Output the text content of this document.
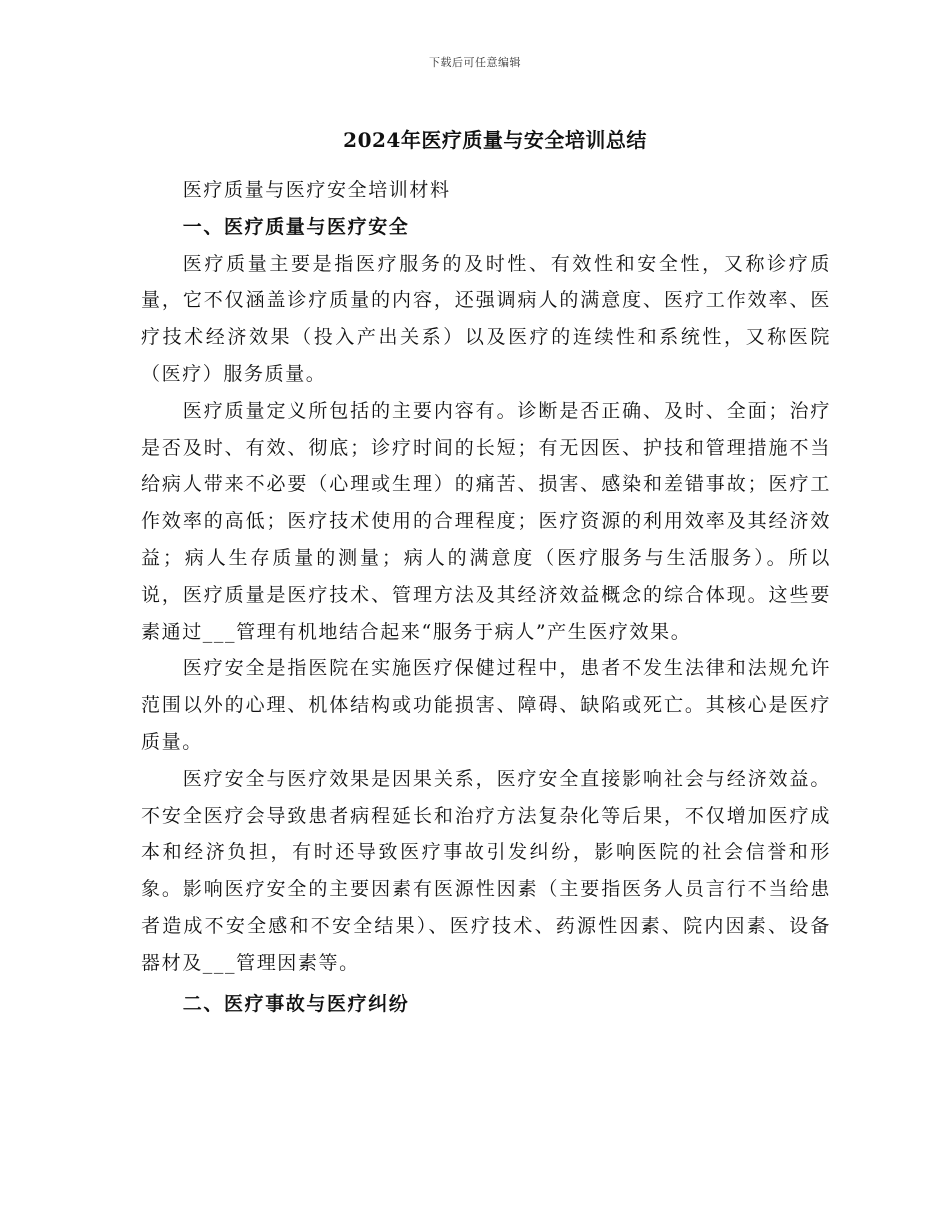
下载后可任意编辑
2024年医疗质量与安全培训总结

医疗质量与医疗安全培训材料

一、医疗质量与医疗安全

医疗质量主要是指医疗服务的及时性、有效性和安全性，又称诊疗质量，它不仅涵盖诊疗质量的内容，还强调病人的满意度、医疗工作效率、医疗技术经济效果（投入产出关系）以及医疗的连续性和系统性，又称医院（医疗）服务质量。

医疗质量定义所包括的主要内容有。诊断是否正确、及时、全面；治疗是否及时、有效、彻底；诊疗时间的长短；有无因医、护技和管理措施不当给病人带来不必要（心理或生理）的痛苦、损害、感染和差错事故；医疗工作效率的高低；医疗技术使用的合理程度；医疗资源的利用效率及其经济效益；病人生存质量的测量；病人的满意度（医疗服务与生活服务）。所以说，医疗质量是医疗技术、管理方法及其经济效益概念的综合体现。这些要素通过___管理有机地结合起来“服务于病人”产生医疗效果。

医疗安全是指医院在实施医疗保健过程中，患者不发生法律和法规允许范围以外的心理、机体结构或功能损害、障碍、缺陷或死亡。其核心是医疗质量。

医疗安全与医疗效果是因果关系，医疗安全直接影响社会与经济效益。不安全医疗会导致患者病程延长和治疗方法复杂化等后果，不仅增加医疗成本和经济负担，有时还导致医疗事故引发纠纷，影响医院的社会信誉和形象。影响医疗安全的主要因素有医源性因素（主要指医务人员言行不当给患者造成不安全感和不安全结果）、医疗技术、药源性因素、院内因素、设备器材及___管理因素等。

二、医疗事故与医疗纠纷
